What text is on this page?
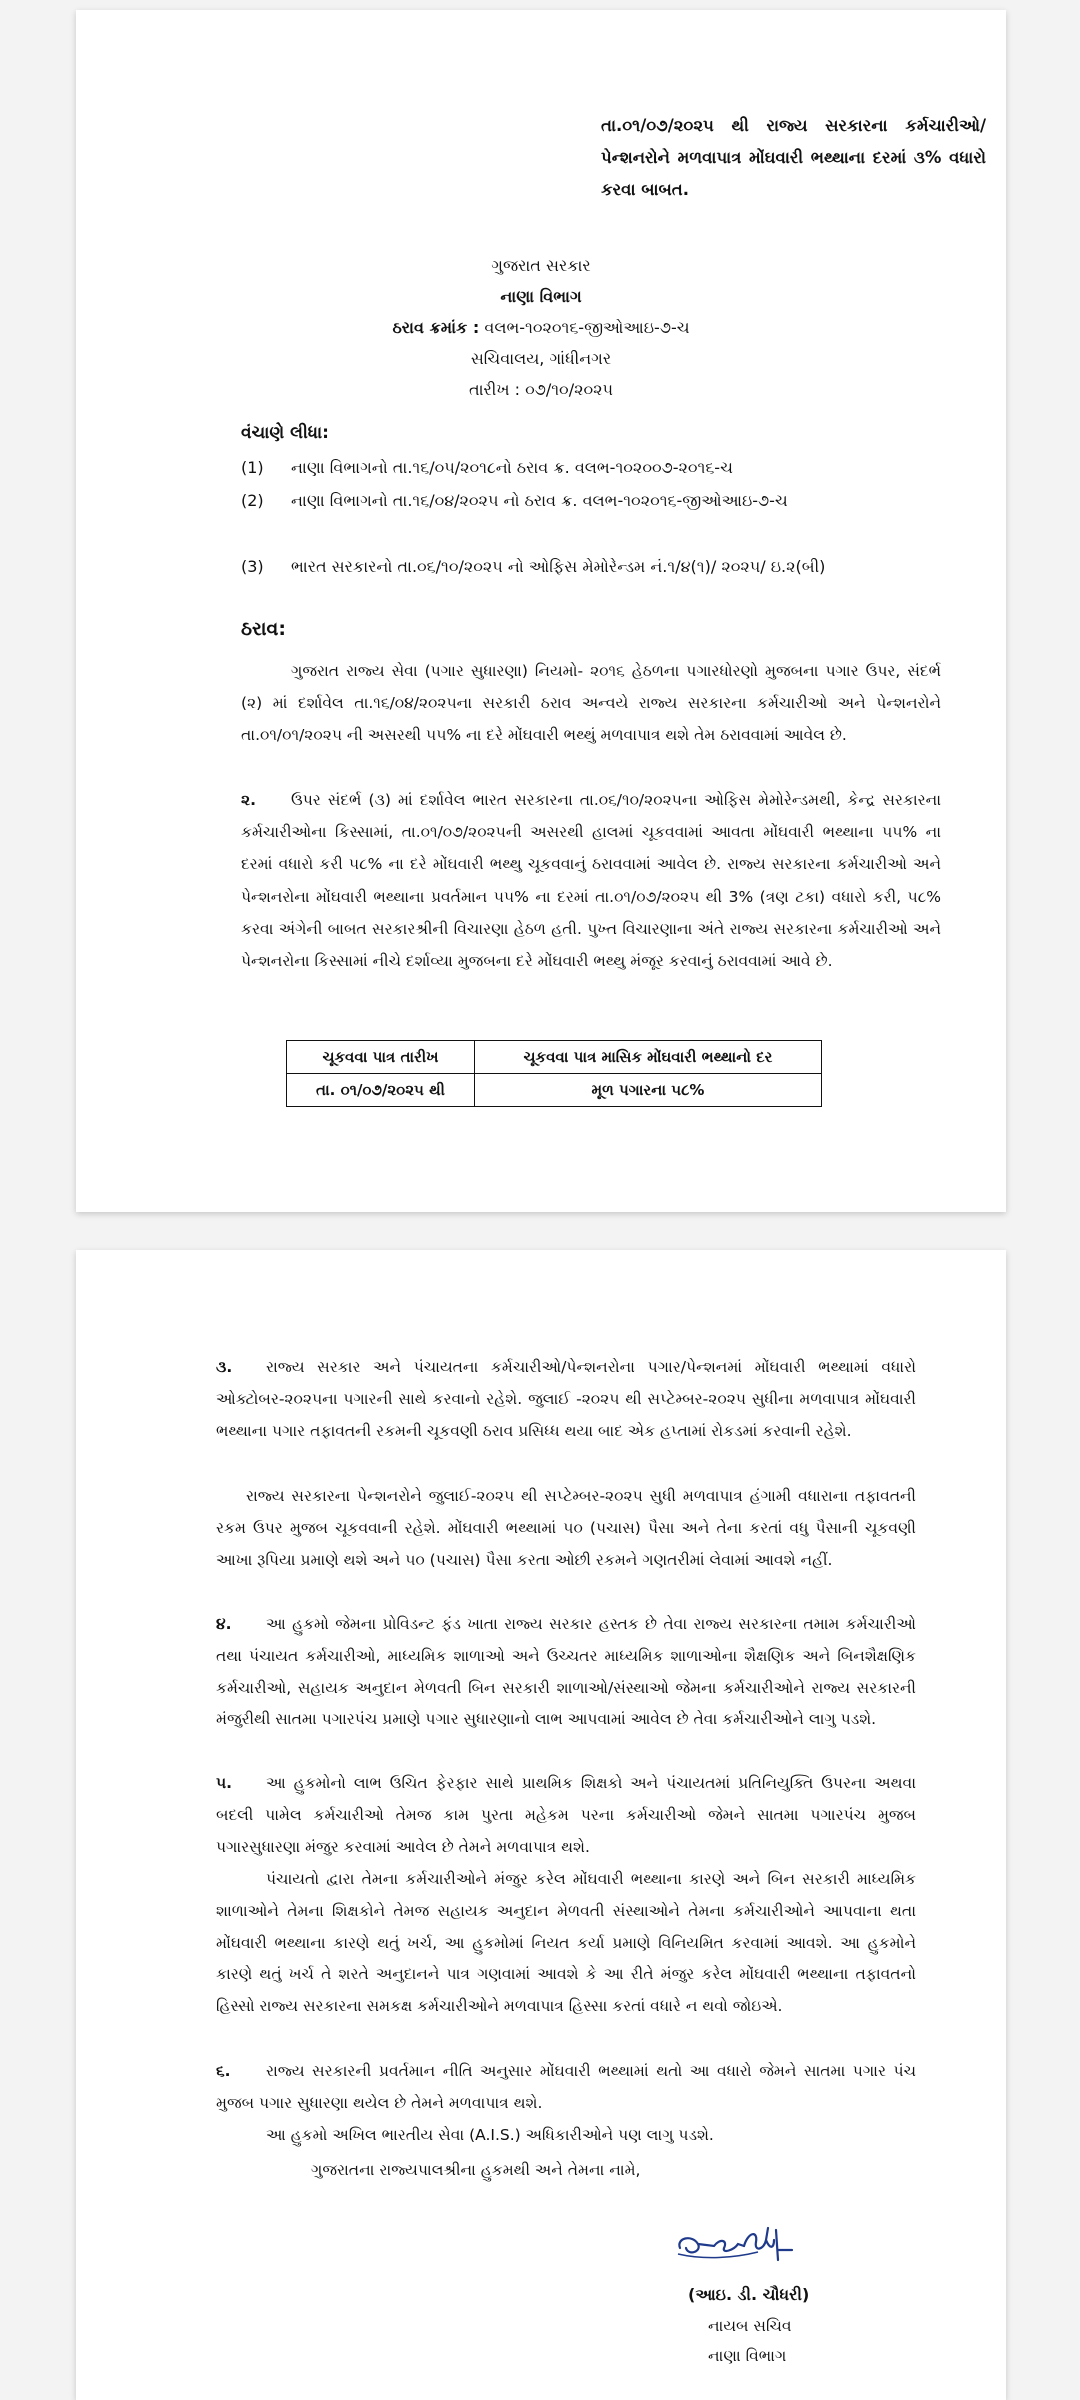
તા.૦૧/૦૭/૨૦૨૫ થી રાજ્ય સરકારના કર્મચારીઓ/પેન્શનરોને મળવાપાત્ર મોંઘવારી ભથ્થાના દરમાં ૩% વધારો કરવા બાબત.
ગુજરાત સરકાર
નાણા વિભાગ
ઠરાવ ક્રમાંક : વલભ-૧૦૨૦૧૬-જીઓઆઇ-૭-ચ
સચિવાલય, ગાંધીનગર
તારીખ : ૦૭/૧૦/૨૦૨૫
વંચાણે લીધા:
(1) નાણા વિભાગનો તા.૧૬/૦૫/૨૦૧૮નો ઠરાવ ક્ર. વલભ-૧૦૨૦૦૭-૨૦૧૬-ચ
(2) નાણા વિભાગનો તા.૧૬/૦૪/૨૦૨૫ નો ઠરાવ ક્ર. વલભ-૧૦૨૦૧૬-જીઓઆઇ-૭-ચ
(3) ભારત સરકારનો તા.૦૬/૧૦/૨૦૨૫ નો ઓફિસ મેમોરેન્ડમ નં.૧/૪(૧)/ ૨૦૨૫/ ઇ.૨(બી)
ઠરાવ:
ગુજરાત રાજ્ય સેવા (પગાર સુધારણા) નિયમો- ૨૦૧૬ હેઠળના પગારધોરણો મુજબના પગાર ઉપર, સંદર્ભ (૨) માં દર્શાવેલ તા.૧૬/૦૪/૨૦૨૫ના સરકારી ઠરાવ અન્વયે રાજ્ય સરકારના કર્મચારીઓ અને પેન્શનરોને તા.૦૧/૦૧/૨૦૨૫ ની અસરથી ૫૫% ના દરે મોંઘવારી ભથ્થું મળવાપાત્ર થશે તેમ ઠરાવવામાં આવેલ છે.
૨. ઉપર સંદર્ભ (૩) માં દર્શાવેલ ભારત સરકારના તા.૦૬/૧૦/૨૦૨૫ના ઓફિસ મેમોરેન્ડમથી, કેન્દ્ર સરકારના કર્મચારીઓના કિસ્સામાં, તા.૦૧/૦૭/૨૦૨૫ની અસરથી હાલમાં ચૂકવવામાં આવતા મોંઘવારી ભથ્થાના ૫૫% ના દરમાં વધારો કરી ૫૮% ના દરે મોંઘવારી ભથ્થુ ચૂકવવાનું ઠરાવવામાં આવેલ છે. રાજ્ય સરકારના કર્મચારીઓ અને પેન્શનરોના મોંઘવારી ભથ્થાના પ્રવર્તમાન ૫૫% ના દરમાં તા.૦૧/૦૭/૨૦૨૫ થી 3% (ત્રણ ટકા) વધારો કરી, ૫૮% કરવા અંગેની બાબત સરકારશ્રીની વિચારણા હેઠળ હતી. પુખ્ત વિચારણાના અંતે રાજ્ય સરકારના કર્મચારીઓ અને પેન્શનરોના કિસ્સામાં નીચે દર્શાવ્યા મુજબના દરે મોંઘવારી ભથ્થુ મંજૂર કરવાનું ઠરાવવામાં આવે છે.
ચૂકવવા પાત્ર તારીખ	ચૂકવવા પાત્ર માસિક મોંઘવારી ભથ્થાનો દર
તા. ૦૧/૦૭/૨૦૨૫ થી	મૂળ પગારના ૫૮%
૩. રાજ્ય સરકાર અને પંચાયતના કર્મચારીઓ/પેન્શનરોના પગાર/પેન્શનમાં મોંઘવારી ભથ્થામાં વધારો ઓક્ટોબર-૨૦૨૫ના પગારની સાથે કરવાનો રહેશે. જુલાઈ -૨૦૨૫ થી સપ્ટેમ્બર-૨૦૨૫ સુધીના મળવાપાત્ર મોંઘવારી ભથ્થાના પગાર તફાવતની રકમની ચૂકવણી ઠરાવ પ્રસિધ્ધ થયા બાદ એક હપ્તામાં રોકડમાં કરવાની રહેશે.
રાજ્ય સરકારના પેન્શનરોને જુલાઈ-૨૦૨૫ થી સપ્ટેમ્બર-૨૦૨૫ સુધી મળવાપાત્ર હંગામી વધારાના તફાવતની રકમ ઉપર મુજબ ચૂકવવાની રહેશે. મોંઘવારી ભથ્થામાં ૫૦ (પચાસ) પૈસા અને તેના કરતાં વધુ પૈસાની ચૂકવણી આખા રૂપિયા પ્રમાણે થશે અને ૫૦ (પચાસ) પૈસા કરતા ઓછી રકમને ગણતરીમાં લેવામાં આવશે નહીં.
૪. આ હુકમો જેમના પ્રોવિડન્ટ ફંડ ખાતા રાજ્ય સરકાર હસ્તક છે તેવા રાજ્ય સરકારના તમામ કર્મચારીઓ તથા પંચાયત કર્મચારીઓ, માધ્યમિક શાળાઓ અને ઉચ્ચતર માધ્યમિક શાળાઓના શૈક્ષણિક અને બિનશૈક્ષણિક કર્મચારીઓ, સહાયક અનુદાન મેળવતી બિન સરકારી શાળાઓ/સંસ્થાઓ જેમના કર્મચારીઓને રાજ્ય સરકારની મંજુરીથી સાતમા પગારપંચ પ્રમાણે પગાર સુધારણાનો લાભ આપવામાં આવેલ છે તેવા કર્મચારીઓને લાગુ પડશે.
૫. આ હુકમોનો લાભ ઉચિત ફેરફાર સાથે પ્રાથમિક શિક્ષકો અને પંચાયતમાં પ્રતિનિયુક્તિ ઉપરના અથવા બદલી પામેલ કર્મચારીઓ તેમજ કામ પુરતા મહેકમ પરના કર્મચારીઓ જેમને સાતમા પગારપંચ મુજબ પગારસુધારણા મંજુર કરવામાં આવેલ છે તેમને મળવાપાત્ર થશે.
પંચાયતો દ્વારા તેમના કર્મચારીઓને મંજુર કરેલ મોંઘવારી ભથ્થાના કારણે અને બિન સરકારી માધ્યમિક શાળાઓને તેમના શિક્ષકોને તેમજ સહાયક અનુદાન મેળવતી સંસ્થાઓને તેમના કર્મચારીઓને આપવાના થતા મોંઘવારી ભથ્થાના કારણે થતું ખર્ચ, આ હુકમોમાં નિયત કર્યા પ્રમાણે વિનિયમિત કરવામાં આવશે. આ હુકમોને કારણે થતું ખર્ચ તે શરતે અનુદાનને પાત્ર ગણવામાં આવશે કે આ રીતે મંજુર કરેલ મોંઘવારી ભથ્થાના તફાવતનો હિસ્સો રાજ્ય સરકારના સમકક્ષ કર્મચારીઓને મળવાપાત્ર હિસ્સા કરતાં વધારે ન થવો જોઇએ.
૬. રાજ્ય સરકારની પ્રવર્તમાન નીતિ અનુસાર મોંઘવારી ભથ્થામાં થતો આ વધારો જેમને સાતમા પગાર પંચ મુજબ પગાર સુધારણા થયેલ છે તેમને મળવાપાત્ર થશે.
આ હુકમો અખિલ ભારતીય સેવા (A.I.S.) અધિકારીઓને પણ લાગુ પડશે.
ગુજરાતના રાજ્યપાલશ્રીના હુકમથી અને તેમના નામે,
(આઇ. ડી. ચૌધરી)
નાયબ સચિવ
નાણા વિભાગ
